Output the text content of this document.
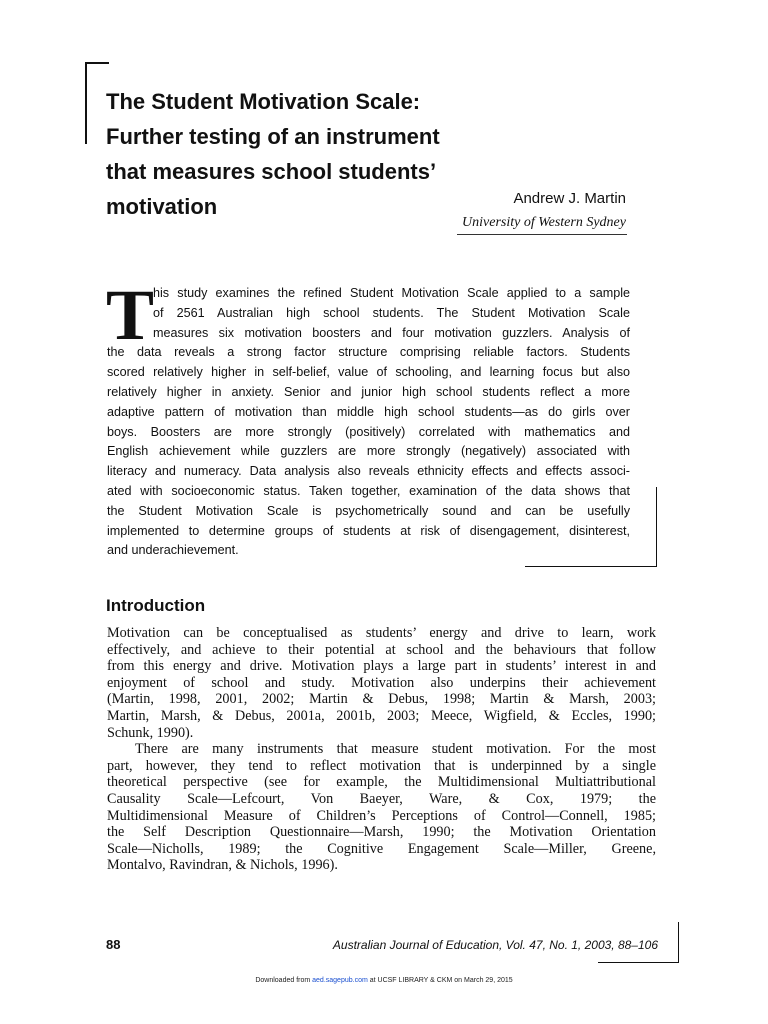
The Student Motivation Scale:
Further testing of an instrument
that measures school students’
motivation	Andrew J. Martin
University of Western Sydney
T

his study examines the refined Student Motivation Scale applied to a sample
of 2561 Australian high school students. The Student Motivation Scale
measures six motivation boosters and four motivation guzzlers. Analysis of
the data reveals a strong factor structure comprising reliable factors. Students
scored relatively higher in self-belief, value of schooling, and learning focus but also
relatively higher in anxiety. Senior and junior high school students reflect a more
adaptive pattern of motivation than middle high school students—as do girls over
boys. Boosters are more strongly (positively) correlated with mathematics and
English achievement while guzzlers are more strongly (negatively) associated with
literacy and numeracy. Data analysis also reveals ethnicity effects and effects associ-
ated with socioeconomic status. Taken together, examination of the data shows that
the Student Motivation Scale is psychometrically sound and can be usefully
implemented to determine groups of students at risk of disengagement, disinterest,
and underachievement.

Introduction

Motivation can be conceptualised as students’ energy and drive to learn, work
effectively, and achieve to their potential at school and the behaviours that follow
from this energy and drive. Motivation plays a large part in students’ interest in and
enjoyment of school and study. Motivation also underpins their achievement
(Martin, 1998, 2001, 2002; Martin & Debus, 1998; Martin & Marsh, 2003;
Martin, Marsh, & Debus, 2001a, 2001b, 2003; Meece, Wigfield, & Eccles, 1990;
Schunk, 1990).
There are many instruments that measure student motivation. For the most
part, however, they tend to reflect motivation that is underpinned by a single
theoretical perspective (see for example, the Multidimensional Multiattributional
Causality Scale—Lefcourt, Von Baeyer, Ware, & Cox, 1979; the
Multidimensional Measure of Children’s Perceptions of Control—Connell, 1985;
the Self Description Questionnaire—Marsh, 1990; the Motivation Orientation
Scale—Nicholls, 1989; the Cognitive Engagement Scale—Miller, Greene,
Montalvo, Ravindran, & Nichols, 1996).

88	Australian Journal of Education, Vol. 47, No. 1, 2003, 88–106
Downloaded from aed.sagepub.com at UCSF LIBRARY & CKM on March 29, 2015
